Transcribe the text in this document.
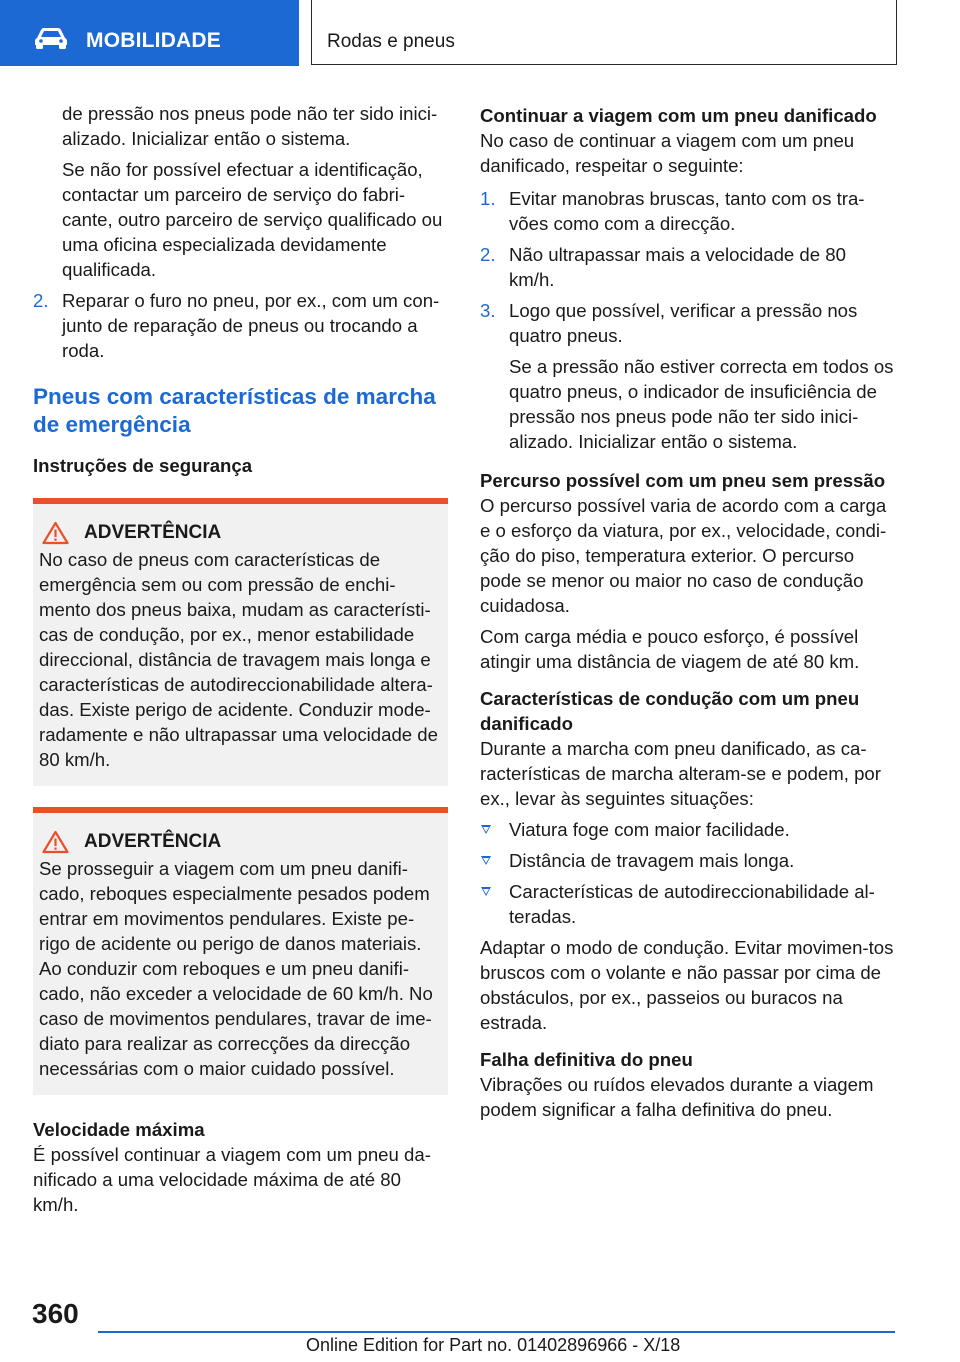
MOBILIDADE	Rodas e pneus

de pressão nos pneus pode não ter sido inici-alizado. Inicializar então o sistema.

Se não for possível efectuar a identificação, contactar um parceiro de serviço do fabri-cante, outro parceiro de serviço qualificado ou uma oficina especializada devidamente qualificada.

2. Reparar o furo no pneu, por ex., com um con-junto de reparação de pneus ou trocando a roda.
Pneus com características de marcha de emergência
Instruções de segurança
ADVERTÊNCIA

No caso de pneus com características de emergência sem ou com pressão de enchi-mento dos pneus baixa, mudam as característi-cas de condução, por ex., menor estabilidade direccional, distância de travagem mais longa e características de autodireccionabilidade altera-das. Existe perigo de acidente. Conduzir mode-radamente e não ultrapassar uma velocidade de 80 km/h.

ADVERTÊNCIA

Se prosseguir a viagem com um pneu danifi-cado, reboques especialmente pesados podem entrar em movimentos pendulares. Existe pe-rigo de acidente ou perigo de danos materiais. Ao conduzir com reboques e um pneu danifi-cado, não exceder a velocidade de 60 km/h. No caso de movimentos pendulares, travar de ime-diato para realizar as correcções da direcção necessárias com o maior cuidado possível.

Velocidade máxima

É possível continuar a viagem com um pneu da-nificado a uma velocidade máxima de até 80 km/h.

Continuar a viagem com um pneu danificado

No caso de continuar a viagem com um pneu danificado, respeitar o seguinte:

1. Evitar manobras bruscas, tanto com os tra-vões como com a direcção.
2. Não ultrapassar mais a velocidade de 80 km/h.
3. Logo que possível, verificar a pressão nos quatro pneus.

Se a pressão não estiver correcta em todos os quatro pneus, o indicador de insuficiência de pressão nos pneus pode não ter sido inici-alizado. Inicializar então o sistema.

Percurso possível com um pneu sem pressão

O percurso possível varia de acordo com a carga e o esforço da viatura, por ex., velocidade, condi-ção do piso, temperatura exterior. O percurso pode se menor ou maior no caso de condução cuidadosa.

Com carga média e pouco esforço, é possível atingir uma distância de viagem de até 80 km.

Características de condução com um pneu danificado

Durante a marcha com pneu danificado, as ca-racterísticas de marcha alteram-se e podem, por ex., levar às seguintes situações:

Viatura foge com maior facilidade.
Distância de travagem mais longa.
Características de autodireccionabilidade al-teradas.

Adaptar o modo de condução. Evitar movimen-tos bruscos com o volante e não passar por cima de obstáculos, por ex., passeios ou buracos na estrada.

Falha definitiva do pneu

Vibrações ou ruídos elevados durante a viagem podem significar a falha definitiva do pneu.

360
Online Edition for Part no. 01402896966 - X/18
